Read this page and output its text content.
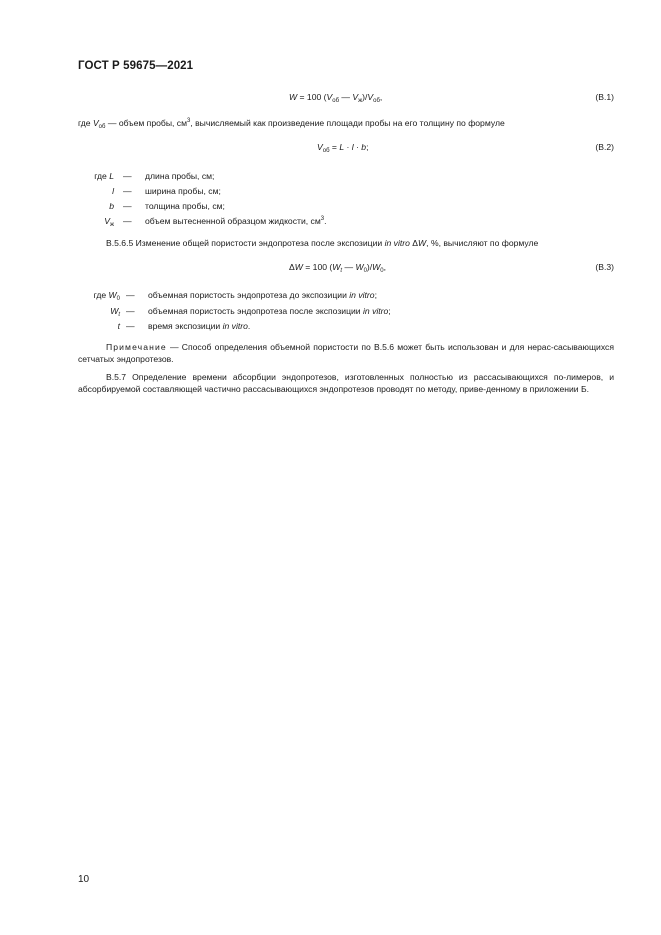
ГОСТ Р 59675—2021
W = 100 ($V_{об}$ — $V_ж)/V_{об}$,	(В.1)
где $V_{об}$ — объем пробы, $см^3$, вычисляемый как произведение площади пробы на его толщину по формуле
$V_{об} = L \cdot l \cdot b$;	(В.2)
где L — длина пробы, см;
l — ширина пробы, см;
b — толщина пробы, см;
$V_ж$ — объем вытесненной образцом жидкости, $см^3$.
В.5.6.5 Изменение общей пористости эндопротеза после экспозиции in vitro ΔW, %, вычисляют по формуле
ΔW = 100 ($W_t$ — $W_0)/W_0$,	(В.3)
где $W_0$ — объемная пористость эндопротеза до экспозиции in vitro;
$W_t$ — объемная пористость эндопротеза после экспозиции in vitro;
t — время экспозиции in vitro.
Примечание — Способ определения объемной пористости по В.5.6 может быть использован и для нерас-сасывающихся сетчатых эндопротезов.
В.5.7 Определение времени абсорбции эндопротезов, изготовленных полностью из рассасывающихся по-лимеров, и абсорбируемой составляющей частично рассасывающихся эндопротезов проводят по методу, приве-денному в приложении Б.
10
